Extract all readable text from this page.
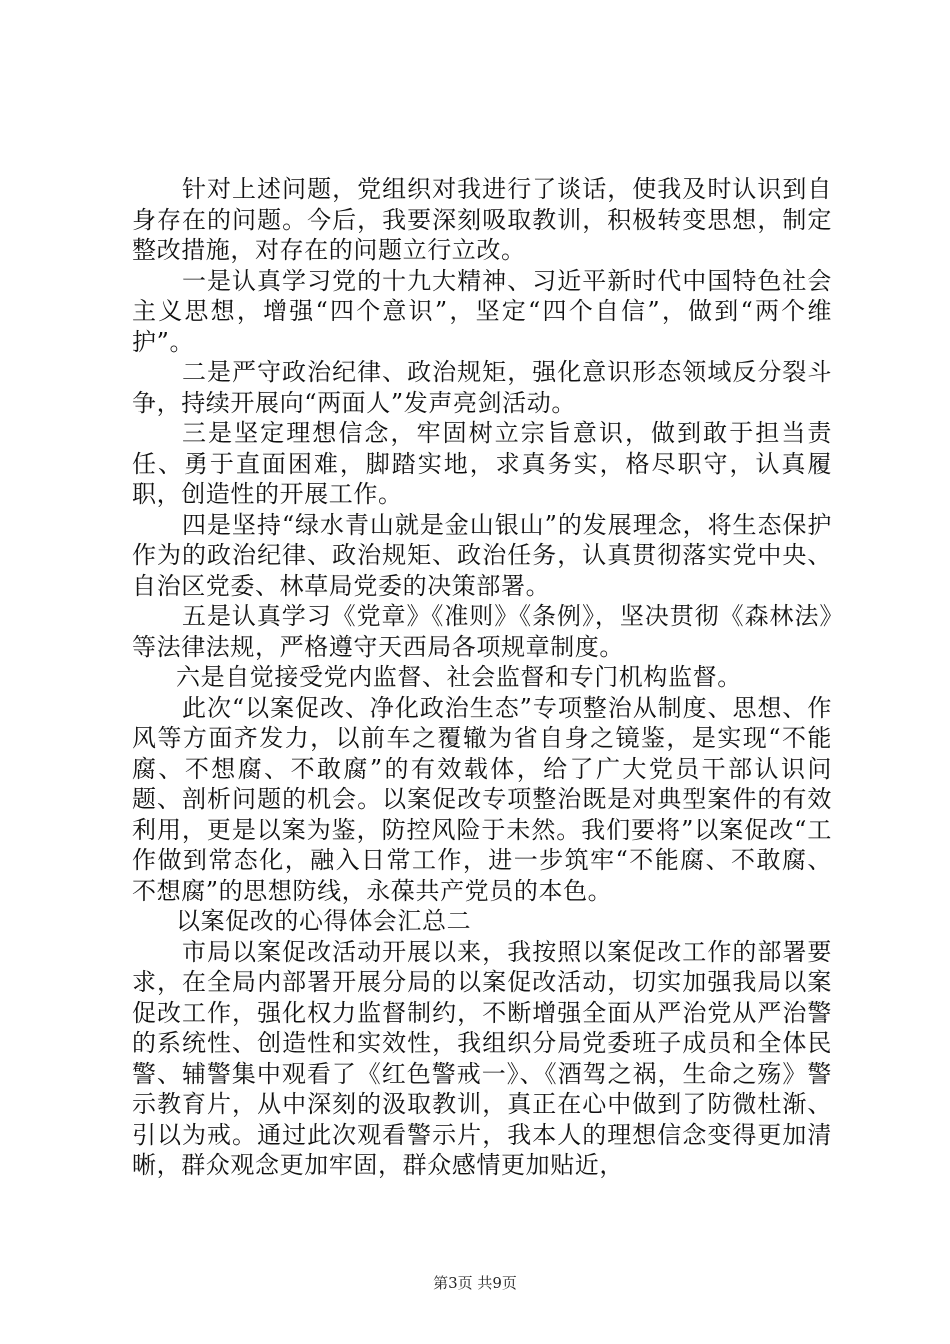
针对上述问题，党组织对我进行了谈话，使我及时认识到自身存在的问题。今后，我要深刻吸取教训，积极转变思想，制定整改措施，对存在的问题立行立改。

一是认真学习党的十九大精神、习近平新时代中国特色社会主义思想，增强“四个意识”，坚定“四个自信”，做到“两个维护”。

二是严守政治纪律、政治规矩，强化意识形态领域反分裂斗争，持续开展向“两面人”发声亮剑活动。

三是坚定理想信念，牢固树立宗旨意识，做到敢于担当责任、勇于直面困难，脚踏实地，求真务实，格尽职守，认真履职，创造性的开展工作。

四是坚持“绿水青山就是金山银山”的发展理念，将生态保护作为的政治纪律、政治规矩、政治任务，认真贯彻落实党中央、自治区党委、林草局党委的决策部署。

五是认真学习《党章》《准则》《条例》，坚决贯彻《森林法》等法律法规，严格遵守天西局各项规章制度。

六是自觉接受党内监督、社会监督和专门机构监督。

此次“以案促改、净化政治生态”专项整治从制度、思想、作风等方面齐发力，以前车之覆辙为省自身之镜鉴，是实现“不能腐、不想腐、不敢腐”的有效载体，给了广大党员干部认识问题、剖析问题的机会。以案促改专项整治既是对典型案件的有效利用，更是以案为鉴，防控风险于未然。我们要将”以案促改“工作做到常态化，融入日常工作，进一步筑牢“不能腐、不敢腐、不想腐”的思想防线，永葆共产党员的本色。

以案促改的心得体会汇总二

市局以案促改活动开展以来，我按照以案促改工作的部署要求，在全局内部署开展分局的以案促改活动，切实加强我局以案促改工作，强化权力监督制约，不断增强全面从严治党从严治警的系统性、创造性和实效性，我组织分局党委班子成员和全体民警、辅警集中观看了《红色警戒一》、《酒驾之祸，生命之殇》警示教育片，从中深刻的汲取教训，真正在心中做到了防微杜渐、引以为戒。通过此次观看警示片，我本人的理想信念变得更加清晰，群众观念更加牢固，群众感情更加贴近，

第3页 共9页
